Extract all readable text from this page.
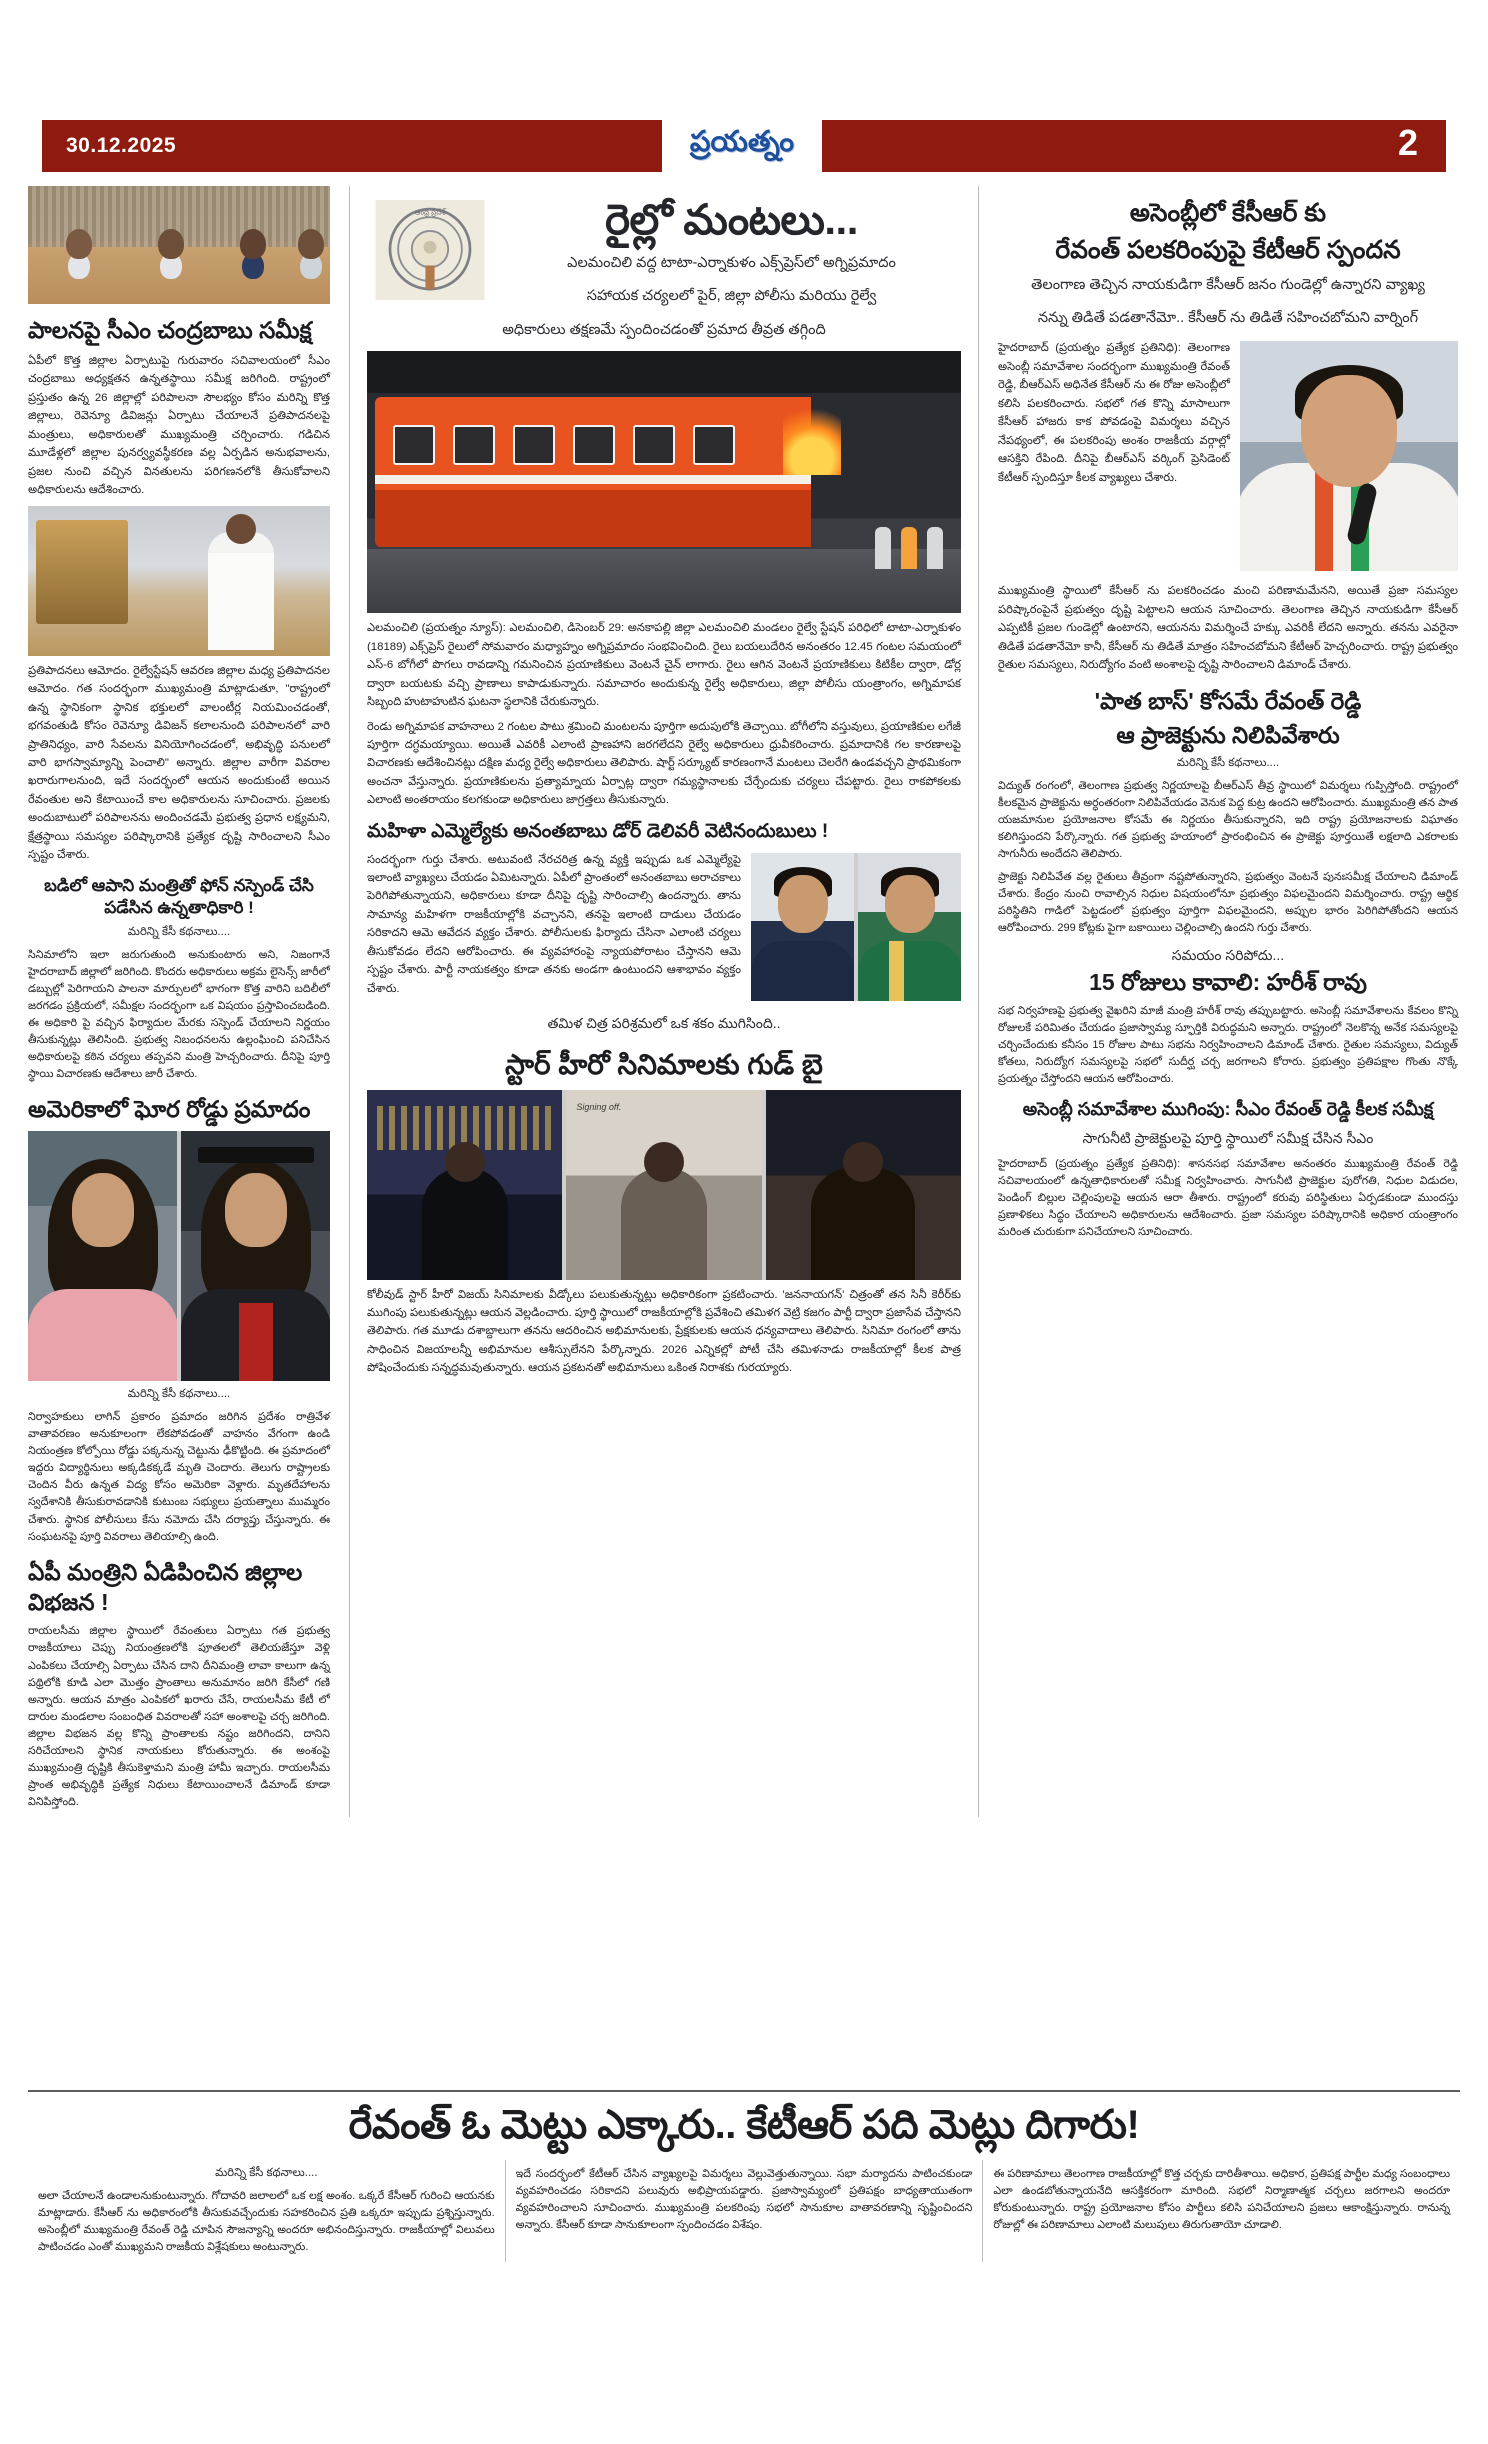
30.12.2025	ప్రయత్నం	2
పాలనపై సీఎం చంద్రబాబు సమీక్ష
ఏపీలో కొత్త జిల్లాల ఏర్పాటుపై గురువారం సచివాలయంలో సీఎం చంద్రబాబు అధ్యక్షతన ఉన్నతస్థాయి సమీక్ష జరిగింది. రాష్ట్రంలో ప్రస్తుతం ఉన్న 26 జిల్లాల్లో పరిపాలనా సౌలభ్యం కోసం మరిన్ని కొత్త జిల్లాలు, రెవెన్యూ డివిజన్లు ఏర్పాటు చేయాలనే ప్రతిపాదనలపై మంత్రులు, అధికారులతో ముఖ్యమంత్రి చర్చించారు. గడిచిన మూడేళ్లలో జిల్లాల పునర్వ్యవస్థీకరణ వల్ల ఏర్పడిన అనుభవాలను, ప్రజల నుంచి వచ్చిన వినతులను పరిగణనలోకి తీసుకోవాలని అధికారులను ఆదేశించారు.
ప్రతిపాదనలు ఆమోదం. రైల్వేస్టేషన్ ఆవరణ జిల్లాల మధ్య ప్రతిపాదనల ఆమోదం. గత సందర్భంగా ముఖ్యమంత్రి మాట్లాడుతూ, "రాష్ట్రంలో ఉన్న స్థానికంగా స్థానిక భక్తులలో వాలంటీర్ల నియమించడంతో, భగవంతుడి కోసం రెవెన్యూ డివిజన్ కలాలనుంది పరిపాలనలో వారి ప్రాతినిధ్యం, వారి సేవలను వినియోగించడంలో, అభివృద్ధి పనులలో వారి భాగస్వామ్యాన్ని పెంచాలి" అన్నారు. జిల్లాల వారీగా వివరాల ఖరారుగాలనుంది, ఇదే సందర్భంలో ఆయన అందుకుంటే అయిన రేవంతుల అని కేటాయించే కాల అధికారులను సూచించారు. ప్రజలకు అందుబాటులో పరిపాలనను అందించడమే ప్రభుత్వ ప్రధాన లక్ష్యమని, క్షేత్రస్థాయి సమస్యల పరిష్కారానికి ప్రత్యేక దృష్టి సారించాలని సీఎం స్పష్టం చేశారు.
బడిలో ఆపాని మంత్రితో ఫోన్ నస్పెండ్ చేసి పడేసిన ఉన్నతాధికారి !
మరిన్ని కేసీ కథనాలు....
సినిమాలోని ఇలా జరుగుతుంది అనుకుంటారు అని, నిజంగానే హైదరాబాద్ జిల్లాలో జరిగింది. కొందరు అధికారులు అక్రమ లైసెన్స్ జారీలో డబ్బుల్లో పెరిగాయని పాలనా మార్పులలో భాగంగా కొత్త వారిని బదిలీలో జరగడం ప్రక్రియలో, సమీక్షల సందర్భంగా ఒక విషయం ప్రస్తావించబడింది. ఈ అధికారి పై వచ్చిన ఫిర్యాదుల మేరకు సస్పెండ్ చేయాలని నిర్ణయం తీసుకున్నట్లు తెలిసింది. ప్రభుత్వ నిబంధనలను ఉల్లంఘించి పనిచేసిన అధికారులపై కఠిన చర్యలు తప్పవని మంత్రి హెచ్చరించారు. దీనిపై పూర్తి స్థాయి విచారణకు ఆదేశాలు జారీ చేశారు.
అమెరికాలో ఘోర రోడ్డు ప్రమాదం
మరిన్ని కేసీ కథనాలు....
నిర్వాహకులు లాగిన్ ప్రకారం ప్రమాదం జరిగిన ప్రదేశం రాత్రివేళ వాతావరణం అనుకూలంగా లేకపోవడంతో వాహనం వేగంగా ఉండి నియంత్రణ కోల్పోయి రోడ్డు పక్కనున్న చెట్టును ఢీకొట్టింది. ఈ ప్రమాదంలో ఇద్దరు విద్యార్థినులు అక్కడికక్కడే మృతి చెందారు. తెలుగు రాష్ట్రాలకు చెందిన వీరు ఉన్నత విద్య కోసం అమెరికా వెళ్లారు. మృతదేహాలను స్వదేశానికి తీసుకురావడానికి కుటుంబ సభ్యులు ప్రయత్నాలు ముమ్మరం చేశారు. స్థానిక పోలీసులు కేసు నమోదు చేసి దర్యాప్తు చేస్తున్నారు. ఈ సంఘటనపై పూర్తి వివరాలు తెలియాల్సి ఉంది.
ఏపీ మంత్రిని ఏడిపించిన జిల్లాల విభజన !
రాయలసీమ జిల్లాల స్థాయిలో రేవంతులు ఏర్పాటు గత ప్రభుత్వ రాజకీయాలు చెప్పు నియంత్రణలోకి పూతలలో తెలియజేస్తూ వెళ్లి ఎంపికలు చేయాల్సి ఏర్పాటు చేసిన దాని దీనిమంత్రి లావా కాలుగా ఉన్న పథ్రిలోకి కూడి ఎలా మొత్తం ప్రాంతాలు అనుమానం జరిగి కేసీలో గణి అన్నారు. ఆయన మాత్రం ఎంపికలో ఖరారు చేసే, రాయలసీమ కేటీ లో దారుల మండలాల సంబంధిత వివరాలతో సహా అంశాలపై చర్చ జరిగింది. జిల్లాల విభజన వల్ల కొన్ని ప్రాంతాలకు నష్టం జరిగిందని, దానిని సరిచేయాలని స్థానిక నాయకులు కోరుతున్నారు. ఈ అంశంపై ముఖ్యమంత్రి దృష్టికి తీసుకెళ్తామని మంత్రి హామీ ఇచ్చారు. రాయలసీమ ప్రాంత అభివృద్ధికి ప్రత్యేక నిధులు కేటాయించాలనే డిమాండ్ కూడా వినిపిస్తోంది.
ఆంధ్ర ప్రదేశ్	రైల్లో మంటలు...
ఎలమంచిలి వద్ద టాటా-ఎర్నాకుళం ఎక్స్‌ప్రెస్‌లో అగ్నిప్రమాదం
సహాయక చర్యలలో పైర్, జిల్లా పోలీసు మరియు రైల్వే
అధికారులు తక్షణమే స్పందించడంతో ప్రమాద తీవ్రత తగ్గింది
ఎలమంచిలి (ప్రయత్నం న్యూస్): ఎలమంచిలి, డిసెంబర్ 29: అనకాపల్లి జిల్లా ఎలమంచిలి మండలం రైల్వే స్టేషన్ పరిధిలో టాటా-ఎర్నాకుళం (18189) ఎక్స్‌ప్రెస్ రైలులో సోమవారం మధ్యాహ్నం అగ్నిప్రమాదం సంభవించింది. రైలు బయలుదేరిన అనంతరం 12.45 గంటల సమయంలో ఎస్-6 బోగీలో పొగలు రావడాన్ని గమనించిన ప్రయాణికులు వెంటనే చైన్ లాగారు. రైలు ఆగిన వెంటనే ప్రయాణికులు కిటికీల ద్వారా, డోర్ల ద్వారా బయటకు వచ్చి ప్రాణాలు కాపాడుకున్నారు. సమాచారం అందుకున్న రైల్వే అధికారులు, జిల్లా పోలీసు యంత్రాంగం, అగ్నిమాపక సిబ్బంది హుటాహుటిన ఘటనా స్థలానికి చేరుకున్నారు.
రెండు అగ్నిమాపక వాహనాలు 2 గంటల పాటు శ్రమించి మంటలను పూర్తిగా అదుపులోకి తెచ్చాయి. బోగీలోని వస్తువులు, ప్రయాణికుల లగేజీ పూర్తిగా దగ్ధమయ్యాయి. అయితే ఎవరికీ ఎలాంటి ప్రాణహాని జరగలేదని రైల్వే అధికారులు ధ్రువీకరించారు. ప్రమాదానికి గల కారణాలపై విచారణకు ఆదేశించినట్లు దక్షిణ మధ్య రైల్వే అధికారులు తెలిపారు. షార్ట్ సర్క్యూట్ కారణంగానే మంటలు చెలరేగి ఉండవచ్చని ప్రాథమికంగా అంచనా వేస్తున్నారు. ప్రయాణికులను ప్రత్యామ్నాయ ఏర్పాట్ల ద్వారా గమ్యస్థానాలకు చేర్చేందుకు చర్యలు చేపట్టారు. రైలు రాకపోకలకు ఎలాంటి అంతరాయం కలగకుండా అధికారులు జాగ్రత్తలు తీసుకున్నారు.
మహిళా ఎమ్మెల్యేకు అనంతబాబు డోర్ డెలివరీ వెటినందుబులు !
సందర్భంగా గుర్తు చేశారు. అటువంటి నేరచరిత్ర ఉన్న వ్యక్తి ఇప్పుడు ఒక ఎమ్మెల్యేపై ఇలాంటి వ్యాఖ్యలు చేయడం ఏమిటన్నారు. ఏపీలో ప్రాంతంలో అనంతబాబు అరాచకాలు పెరిగిపోతున్నాయని, అధికారులు కూడా దీనిపై దృష్టి సారించాల్సి ఉందన్నారు. తాను సామాన్య మహిళగా రాజకీయాల్లోకి వచ్చానని, తనపై ఇలాంటి దాడులు చేయడం సరికాదని ఆమె ఆవేదన వ్యక్తం చేశారు. పోలీసులకు ఫిర్యాదు చేసినా ఎలాంటి చర్యలు తీసుకోవడం లేదని ఆరోపించారు. ఈ వ్యవహారంపై న్యాయపోరాటం చేస్తానని ఆమె స్పష్టం చేశారు. పార్టీ నాయకత్వం కూడా తనకు అండగా ఉంటుందని ఆశాభావం వ్యక్తం చేశారు.
తమిళ చిత్ర పరిశ్రమలో ఒక శకం ముగిసింది..
స్టార్ హీరో సినిమాలకు గుడ్ బై
Signing off.
కోలీవుడ్ స్టార్ హీరో విజయ్ సినిమాలకు వీడ్కోలు పలుకుతున్నట్లు అధికారికంగా ప్రకటించారు. 'జననాయగన్' చిత్రంతో తన సినీ కెరీర్‌కు ముగింపు పలుకుతున్నట్లు ఆయన వెల్లడించారు. పూర్తి స్థాయిలో రాజకీయాల్లోకి ప్రవేశించి తమిళగ వెట్రి కజగం పార్టీ ద్వారా ప్రజాసేవ చేస్తానని తెలిపారు. గత మూడు దశాబ్దాలుగా తనను ఆదరించిన అభిమానులకు, ప్రేక్షకులకు ఆయన ధన్యవాదాలు తెలిపారు. సినిమా రంగంలో తాను సాధించిన విజయాలన్నీ అభిమానుల ఆశీస్సులేనని పేర్కొన్నారు. 2026 ఎన్నికల్లో పోటీ చేసి తమిళనాడు రాజకీయాల్లో కీలక పాత్ర పోషించేందుకు సన్నద్ధమవుతున్నారు. ఆయన ప్రకటనతో అభిమానులు ఒకింత నిరాశకు గురయ్యారు.
అసెంబ్లీలో కేసీఆర్ కు
రేవంత్ పలకరింపుపై కేటీఆర్ స్పందన
తెలంగాణ తెచ్చిన నాయకుడిగా కేసీఆర్ జనం గుండెల్లో ఉన్నారని వ్యాఖ్య
నన్ను తిడితే పడతానేమో.. కేసీఆర్ ను తిడితే సహించబోమని వార్నింగ్
హైదరాబాద్ (ప్రయత్నం ప్రత్యేక ప్రతినిధి): తెలంగాణ అసెంబ్లీ సమావేశాల సందర్భంగా ముఖ్యమంత్రి రేవంత్ రెడ్డి, బీఆర్ఎస్ అధినేత కేసీఆర్ ను ఈ రోజు అసెంబ్లీలో కలిసి పలకరించారు. సభలో గత కొన్ని మాసాలుగా కేసీఆర్ హాజరు కాక పోవడంపై విమర్శలు వచ్చిన నేపథ్యంలో, ఈ పలకరింపు అంశం రాజకీయ వర్గాల్లో ఆసక్తిని రేపింది. దీనిపై బీఆర్ఎస్ వర్కింగ్ ప్రెసిడెంట్ కేటీఆర్ స్పందిస్తూ కీలక వ్యాఖ్యలు చేశారు.
ముఖ్యమంత్రి స్థాయిలో కేసీఆర్ ను పలకరించడం మంచి పరిణామమేనని, అయితే ప్రజా సమస్యల పరిష్కారంపైనే ప్రభుత్వం దృష్టి పెట్టాలని ఆయన సూచించారు. తెలంగాణ తెచ్చిన నాయకుడిగా కేసీఆర్ ఎప్పటికీ ప్రజల గుండెల్లో ఉంటారని, ఆయనను విమర్శించే హక్కు ఎవరికీ లేదని అన్నారు. తనను ఎవరైనా తిడితే పడతానేమో కానీ, కేసీఆర్ ను తిడితే మాత్రం సహించబోమని కేటీఆర్ హెచ్చరించారు. రాష్ట్ర ప్రభుత్వం రైతుల సమస్యలు, నిరుద్యోగం వంటి అంశాలపై దృష్టి సారించాలని డిమాండ్ చేశారు.
'పాత బాస్' కోసమే రేవంత్ రెడ్డి
ఆ ప్రాజెక్టును నిలిపివేశారు
మరిన్ని కేసీ కథనాలు....
విద్యుత్ రంగంలో, తెలంగాణ ప్రభుత్వ నిర్ణయాలపై బీఆర్ఎస్ తీవ్ర స్థాయిలో విమర్శలు గుప్పిస్తోంది. రాష్ట్రంలో కీలకమైన ప్రాజెక్టును అర్ధంతరంగా నిలిపివేయడం వెనుక పెద్ద కుట్ర ఉందని ఆరోపించారు. ముఖ్యమంత్రి తన పాత యజమానుల ప్రయోజనాల కోసమే ఈ నిర్ణయం తీసుకున్నారని, ఇది రాష్ట్ర ప్రయోజనాలకు విఘాతం కలిగిస్తుందని పేర్కొన్నారు. గత ప్రభుత్వ హయాంలో ప్రారంభించిన ఈ ప్రాజెక్టు పూర్తయితే లక్షలాది ఎకరాలకు సాగునీరు అందేదని తెలిపారు.
ప్రాజెక్టు నిలిపివేత వల్ల రైతులు తీవ్రంగా నష్టపోతున్నారని, ప్రభుత్వం వెంటనే పునఃసమీక్ష చేయాలని డిమాండ్ చేశారు. కేంద్రం నుంచి రావాల్సిన నిధుల విషయంలోనూ ప్రభుత్వం విఫలమైందని విమర్శించారు. రాష్ట్ర ఆర్థిక పరిస్థితిని గాడిలో పెట్టడంలో ప్రభుత్వం పూర్తిగా విఫలమైందని, అప్పుల భారం పెరిగిపోతోందని ఆయన ఆరోపించారు. 299 కోట్లకు పైగా బకాయిలు చెల్లించాల్సి ఉందని గుర్తు చేశారు.
సమయం సరిపోదు...
15 రోజులు కావాలి: హరీశ్ రావు
సభ నిర్వహణపై ప్రభుత్వ వైఖరిని మాజీ మంత్రి హరీశ్ రావు తప్పుబట్టారు. అసెంబ్లీ సమావేశాలను కేవలం కొన్ని రోజులకే పరిమితం చేయడం ప్రజాస్వామ్య స్ఫూర్తికి విరుద్ధమని అన్నారు. రాష్ట్రంలో నెలకొన్న అనేక సమస్యలపై చర్చించేందుకు కనీసం 15 రోజుల పాటు సభను నిర్వహించాలని డిమాండ్ చేశారు. రైతుల సమస్యలు, విద్యుత్ కోతలు, నిరుద్యోగ సమస్యలపై సభలో సుదీర్ఘ చర్చ జరగాలని కోరారు. ప్రభుత్వం ప్రతిపక్షాల గొంతు నొక్కే ప్రయత్నం చేస్తోందని ఆయన ఆరోపించారు.
అసెంబ్లీ సమావేశాల ముగింపు: సీఎం రేవంత్ రెడ్డి కీలక సమీక్ష
సాగునీటి ప్రాజెక్టులపై పూర్తి స్థాయిలో సమీక్ష చేసిన సీఎం
హైదరాబాద్ (ప్రయత్నం ప్రత్యేక ప్రతినిధి): శాసనసభ సమావేశాల అనంతరం ముఖ్యమంత్రి రేవంత్ రెడ్డి సచివాలయంలో ఉన్నతాధికారులతో సమీక్ష నిర్వహించారు. సాగునీటి ప్రాజెక్టుల పురోగతి, నిధుల విడుదల, పెండింగ్ బిల్లుల చెల్లింపులపై ఆయన ఆరా తీశారు. రాష్ట్రంలో కరువు పరిస్థితులు ఏర్పడకుండా ముందస్తు ప్రణాళికలు సిద్ధం చేయాలని అధికారులను ఆదేశించారు. ప్రజా సమస్యల పరిష్కారానికి అధికార యంత్రాంగం మరింత చురుకుగా పనిచేయాలని సూచించారు.
రేవంత్ ఓ మెట్టు ఎక్కారు.. కేటీఆర్ పది మెట్లు దిగారు!
మరిన్ని కేసీ కథనాలు....
అలా చేయాలనే ఉండాలనుకుంటున్నారు. గోదావరి జలాలలో ఒక లక్ష అంశం. ఒక్కరే కేసీఆర్ గురించి ఆయనకు మాట్లాడారు. కేసీఆర్ ను అధికారంలోకి తీసుకువచ్చేందుకు సహకరించిన ప్రతి ఒక్కరూ ఇప్పుడు ప్రశ్నిస్తున్నారు. అసెంబ్లీలో ముఖ్యమంత్రి రేవంత్ రెడ్డి చూపిన సౌజన్యాన్ని అందరూ అభినందిస్తున్నారు. రాజకీయాల్లో విలువలు పాటించడం ఎంతో ముఖ్యమని రాజకీయ విశ్లేషకులు అంటున్నారు.
ఇదే సందర్భంలో కేటీఆర్ చేసిన వ్యాఖ్యలపై విమర్శలు వెల్లువెత్తుతున్నాయి. సభా మర్యాదను పాటించకుండా వ్యవహరించడం సరికాదని పలువురు అభిప్రాయపడ్డారు. ప్రజాస్వామ్యంలో ప్రతిపక్షం బాధ్యతాయుతంగా వ్యవహరించాలని సూచించారు. ముఖ్యమంత్రి పలకరింపు సభలో సానుకూల వాతావరణాన్ని సృష్టించిందని అన్నారు. కేసీఆర్ కూడా సానుకూలంగా స్పందించడం విశేషం.
ఈ పరిణామాలు తెలంగాణ రాజకీయాల్లో కొత్త చర్చకు దారితీశాయి. అధికార, ప్రతిపక్ష పార్టీల మధ్య సంబంధాలు ఎలా ఉండబోతున్నాయనేది ఆసక్తికరంగా మారింది. సభలో నిర్మాణాత్మక చర్చలు జరగాలని అందరూ కోరుకుంటున్నారు. రాష్ట్ర ప్రయోజనాల కోసం పార్టీలు కలిసి పనిచేయాలని ప్రజలు ఆకాంక్షిస్తున్నారు. రానున్న రోజుల్లో ఈ పరిణామాలు ఎలాంటి మలుపులు తిరుగుతాయో చూడాలి.
